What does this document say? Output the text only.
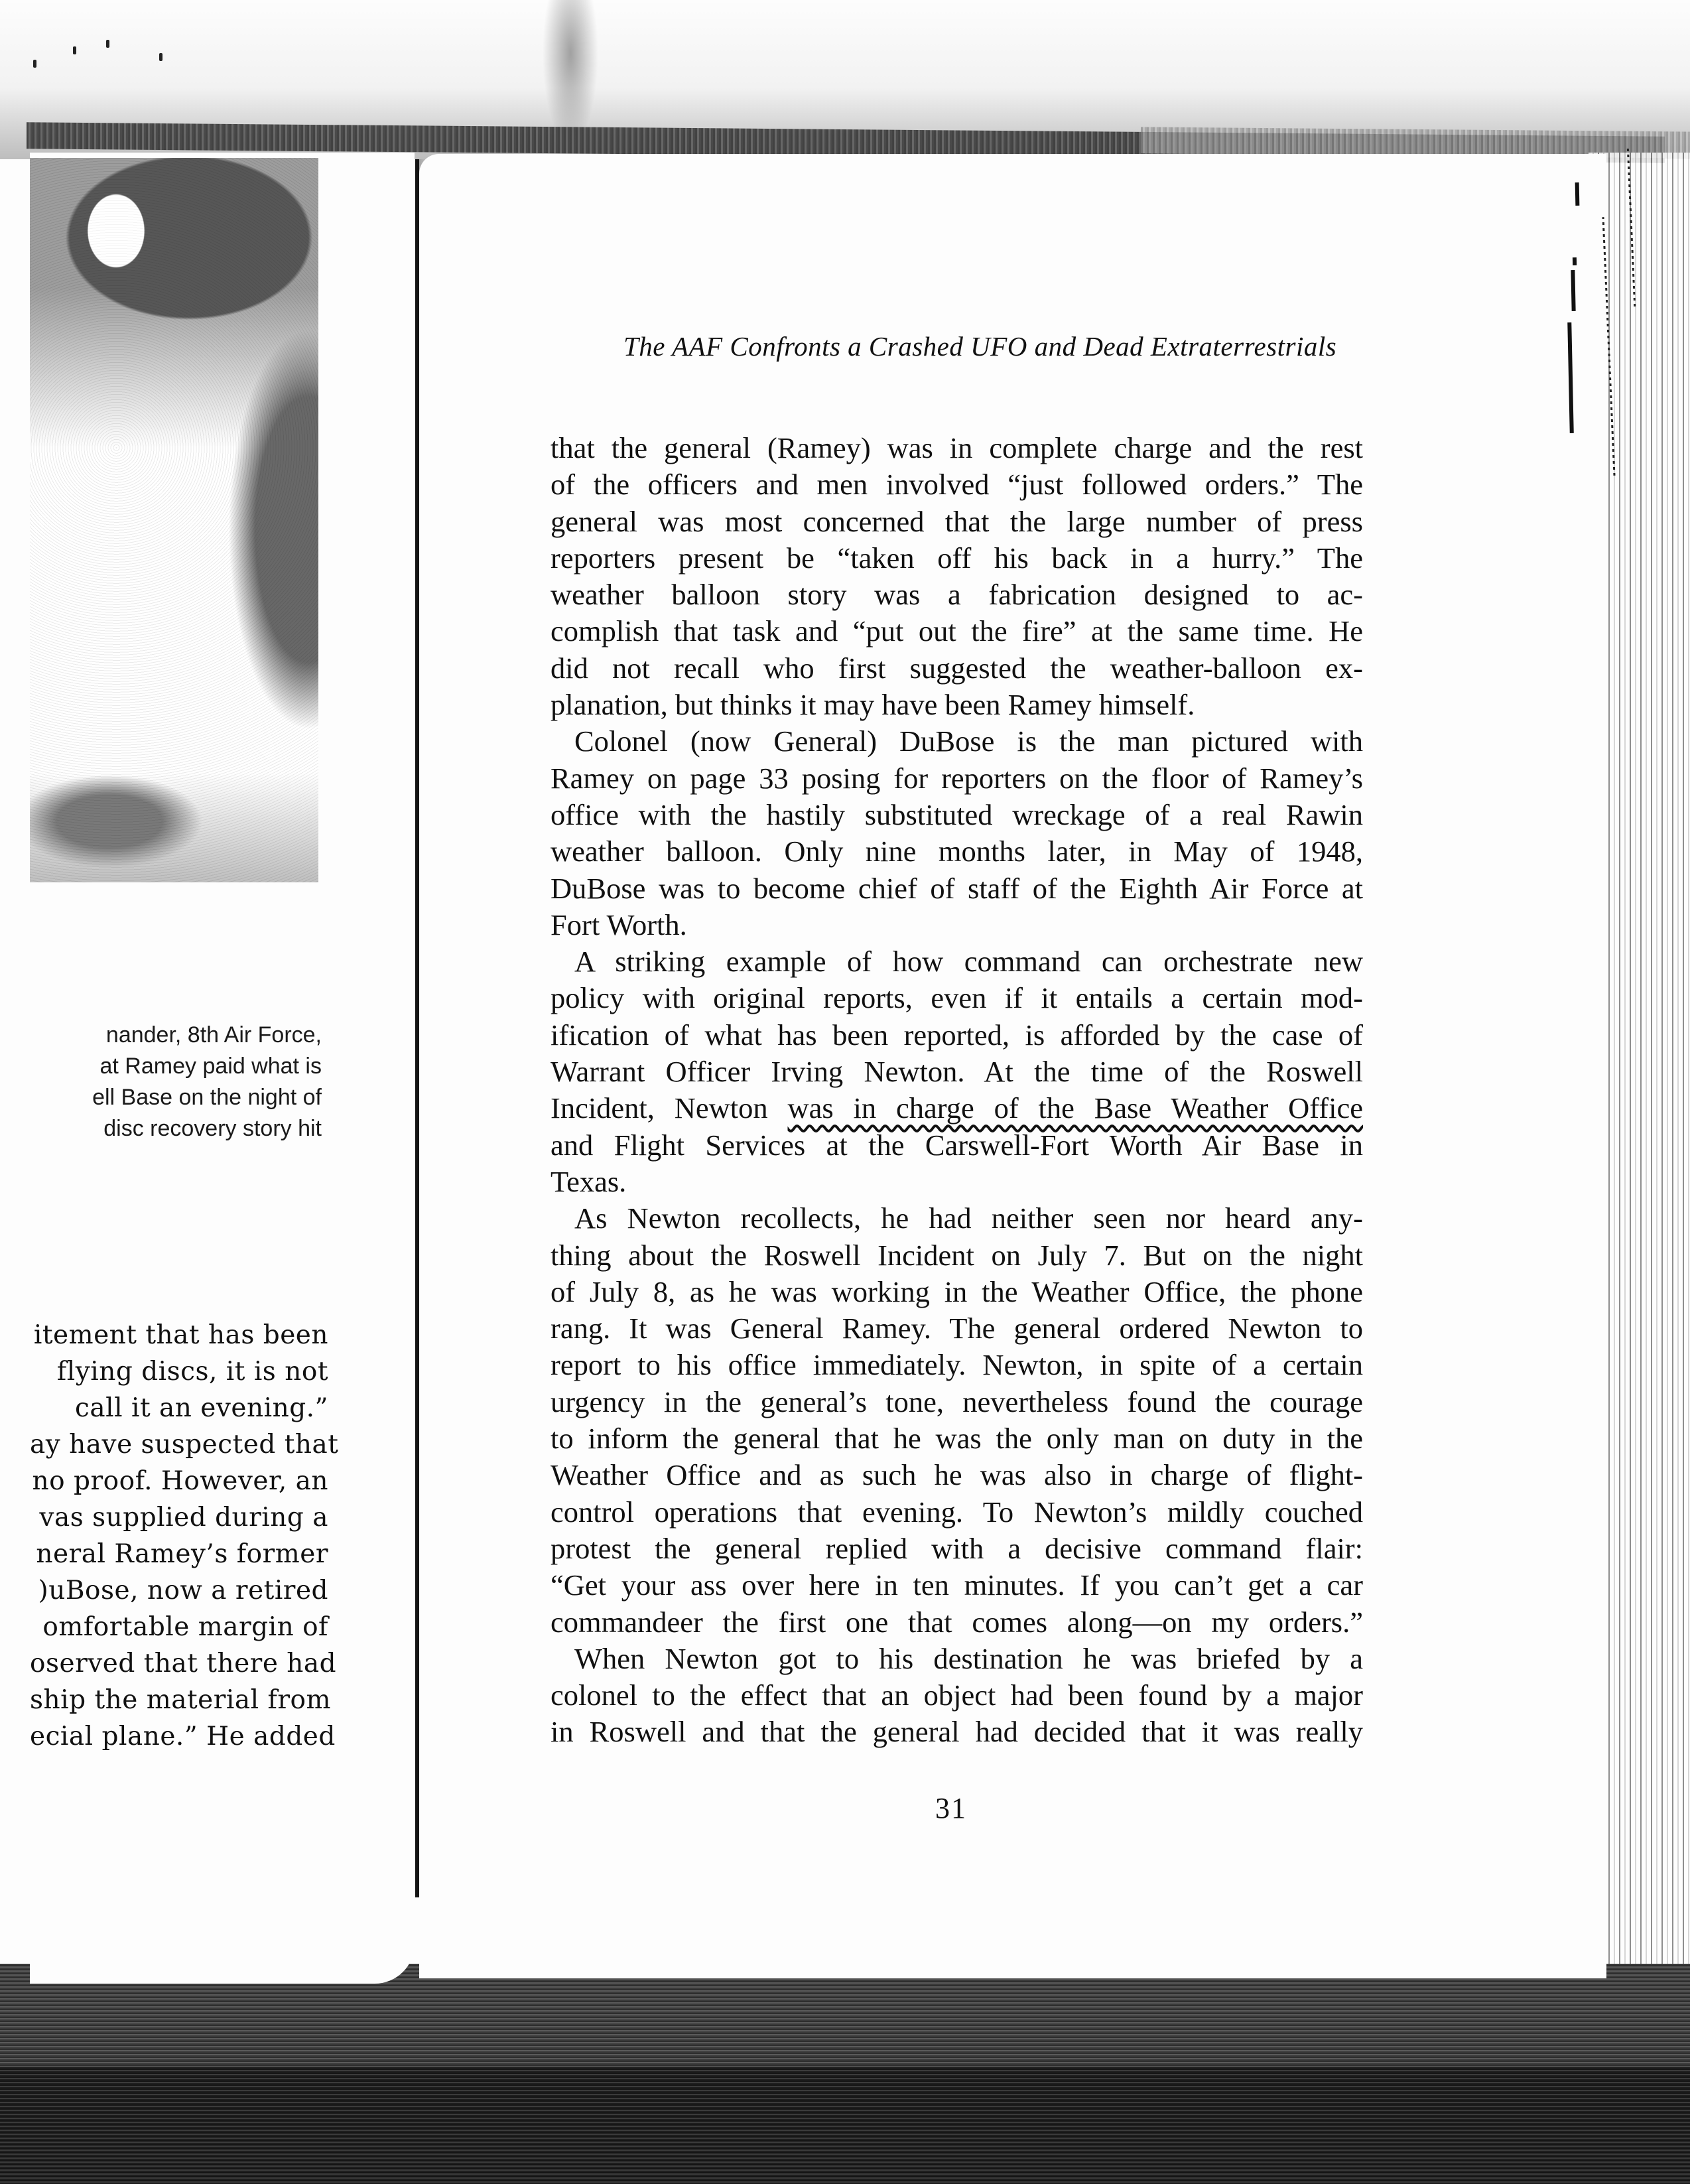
nander, 8th Air Force,
at Ramey paid what is
ell Base on the night of
disc recovery story hit
itement that has been
flying discs, it is not
call it an evening.”
ay have suspected that
no proof. However, an
vas supplied during a
neral Ramey’s former
)uBose, now a retired
omfortable margin of
oserved that there had
ship the material from
ecial plane.” He added
The AAF Confronts a Crashed UFO and Dead Extraterrestrials
that the general (Ramey) was in complete charge and the rest
of the officers and men involved “just followed orders.” The
general was most concerned that the large number of press
reporters present be “taken off his back in a hurry.” The
weather balloon story was a fabrication designed to ac-
complish that task and “put out the fire” at the same time. He
did not recall who first suggested the weather-balloon ex-
planation, but thinks it may have been Ramey himself.
Colonel (now General) DuBose is the man pictured with
Ramey on page 33 posing for reporters on the floor of Ramey’s
office with the hastily substituted wreckage of a real Rawin
weather balloon. Only nine months later, in May of 1948,
DuBose was to become chief of staff of the Eighth Air Force at
Fort Worth.
A striking example of how command can orchestrate new
policy with original reports, even if it entails a certain mod-
ification of what has been reported, is afforded by the case of
Warrant Officer Irving Newton. At the time of the Roswell
Incident, Newton was in charge of the Base Weather Office
and Flight Services at the Carswell-Fort Worth Air Base in
Texas.
As Newton recollects, he had neither seen nor heard any-
thing about the Roswell Incident on July 7. But on the night
of July 8, as he was working in the Weather Office, the phone
rang. It was General Ramey. The general ordered Newton to
report to his office immediately. Newton, in spite of a certain
urgency in the general’s tone, nevertheless found the courage
to inform the general that he was the only man on duty in the
Weather Office and as such he was also in charge of flight-
control operations that evening. To Newton’s mildly couched
protest the general replied with a decisive command flair:
“Get your ass over here in ten minutes. If you can’t get a car
commandeer the first one that comes along—on my orders.”
When Newton got to his destination he was briefed by a
colonel to the effect that an object had been found by a major
in Roswell and that the general had decided that it was really
31
